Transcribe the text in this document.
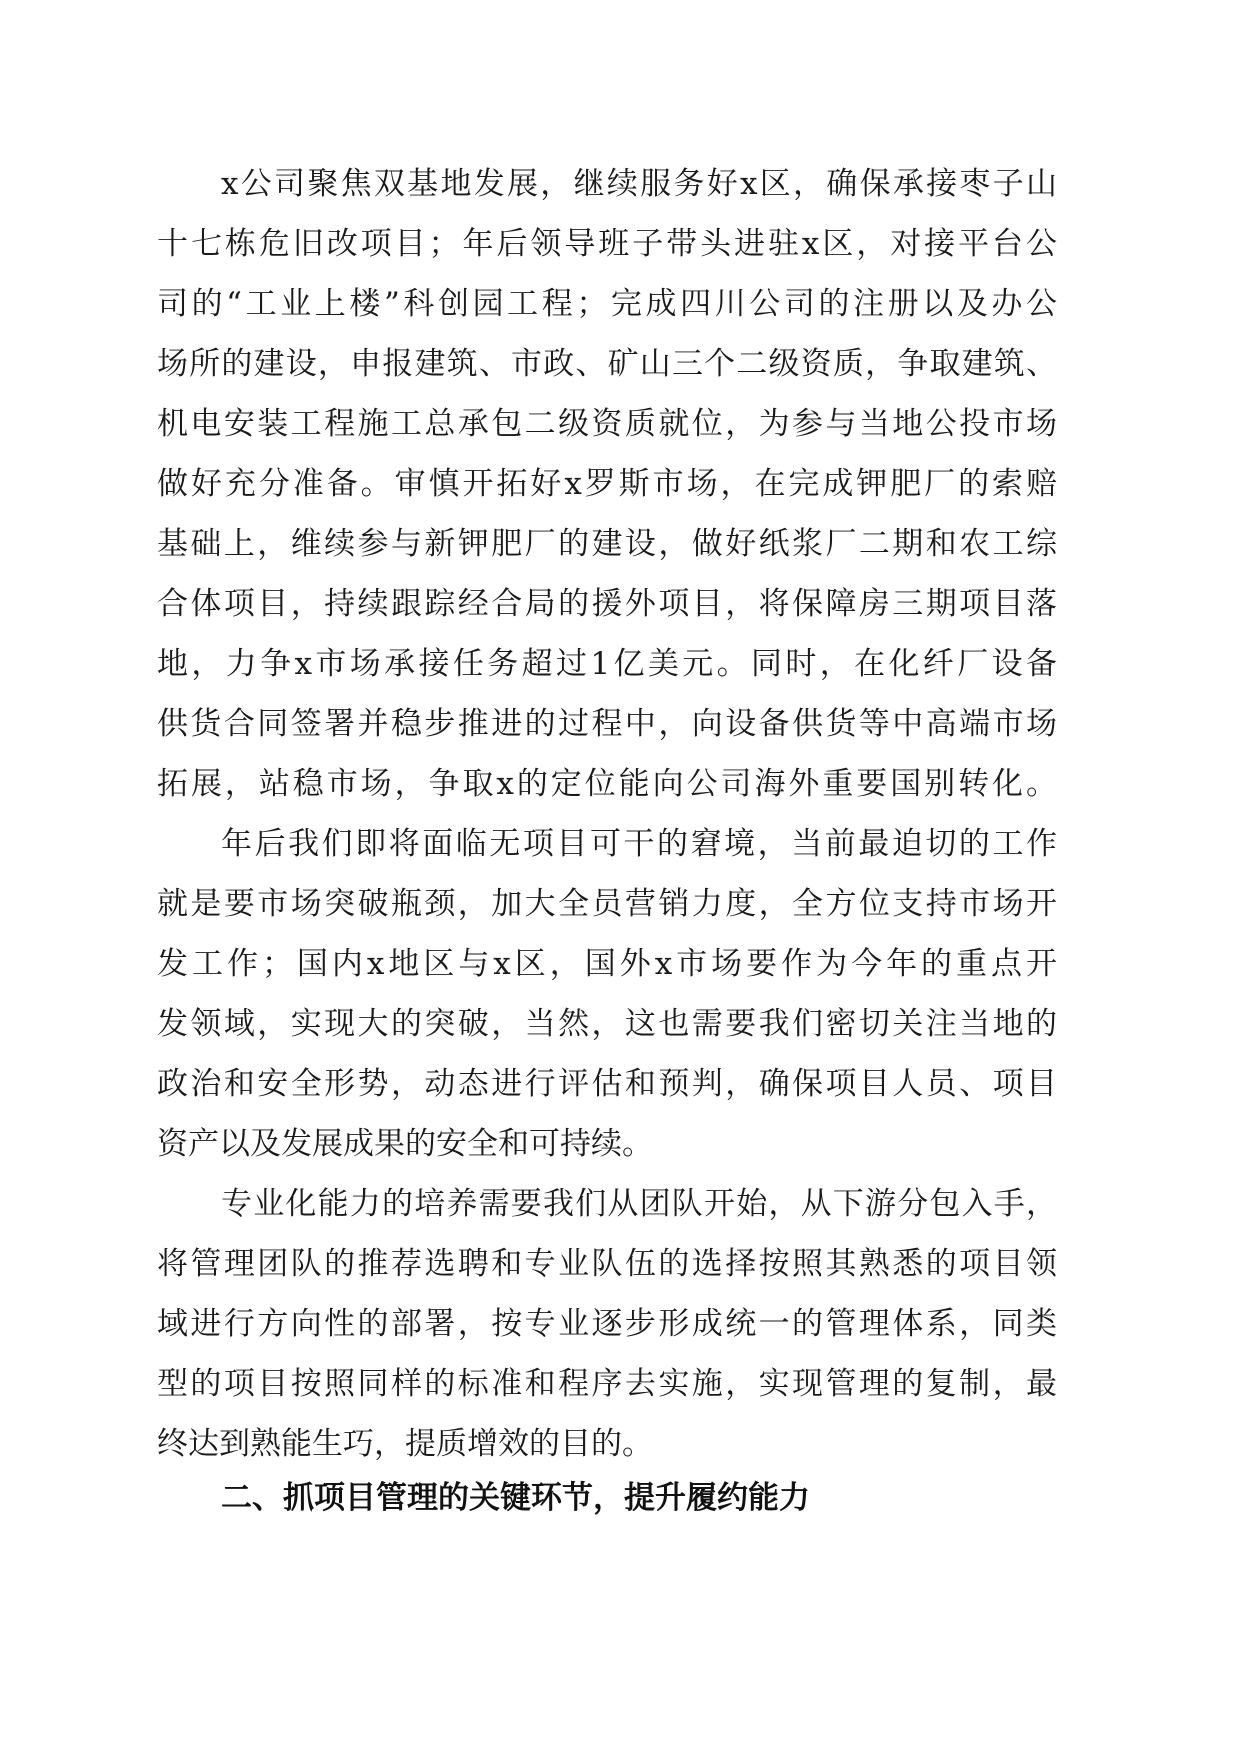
x公司聚焦双基地发展，继续服务好x区，确保承接枣子山
十七栋危旧改项目；年后领导班子带头进驻x区，对接平台公
司的“工业上楼”科创园工程；完成四川公司的注册以及办公
场所的建设，申报建筑、市政、矿山三个二级资质，争取建筑、
机电安装工程施工总承包二级资质就位，为参与当地公投市场
做好充分准备。审慎开拓好x罗斯市场，在完成钾肥厂的索赔
基础上，维续参与新钾肥厂的建设，做好纸浆厂二期和农工综
合体项目，持续跟踪经合局的援外项目，将保障房三期项目落
地，力争x市场承接任务超过1亿美元。同时，在化纤厂设备
供货合同签署并稳步推进的过程中，向设备供货等中高端市场
拓展，站稳市场，争取x的定位能向公司海外重要国别转化。
年后我们即将面临无项目可干的窘境，当前最迫切的工作
就是要市场突破瓶颈，加大全员营销力度，全方位支持市场开
发工作；国内x地区与x区，国外x市场要作为今年的重点开
发领域，实现大的突破，当然，这也需要我们密切关注当地的
政治和安全形势，动态进行评估和预判，确保项目人员、项目
资产以及发展成果的安全和可持续。
专业化能力的培养需要我们从团队开始，从下游分包入手，
将管理团队的推荐选聘和专业队伍的选择按照其熟悉的项目领
域进行方向性的部署，按专业逐步形成统一的管理体系，同类
型的项目按照同样的标准和程序去实施，实现管理的复制，最
终达到熟能生巧，提质增效的目的。
二、抓项目管理的关键环节，提升履约能力
